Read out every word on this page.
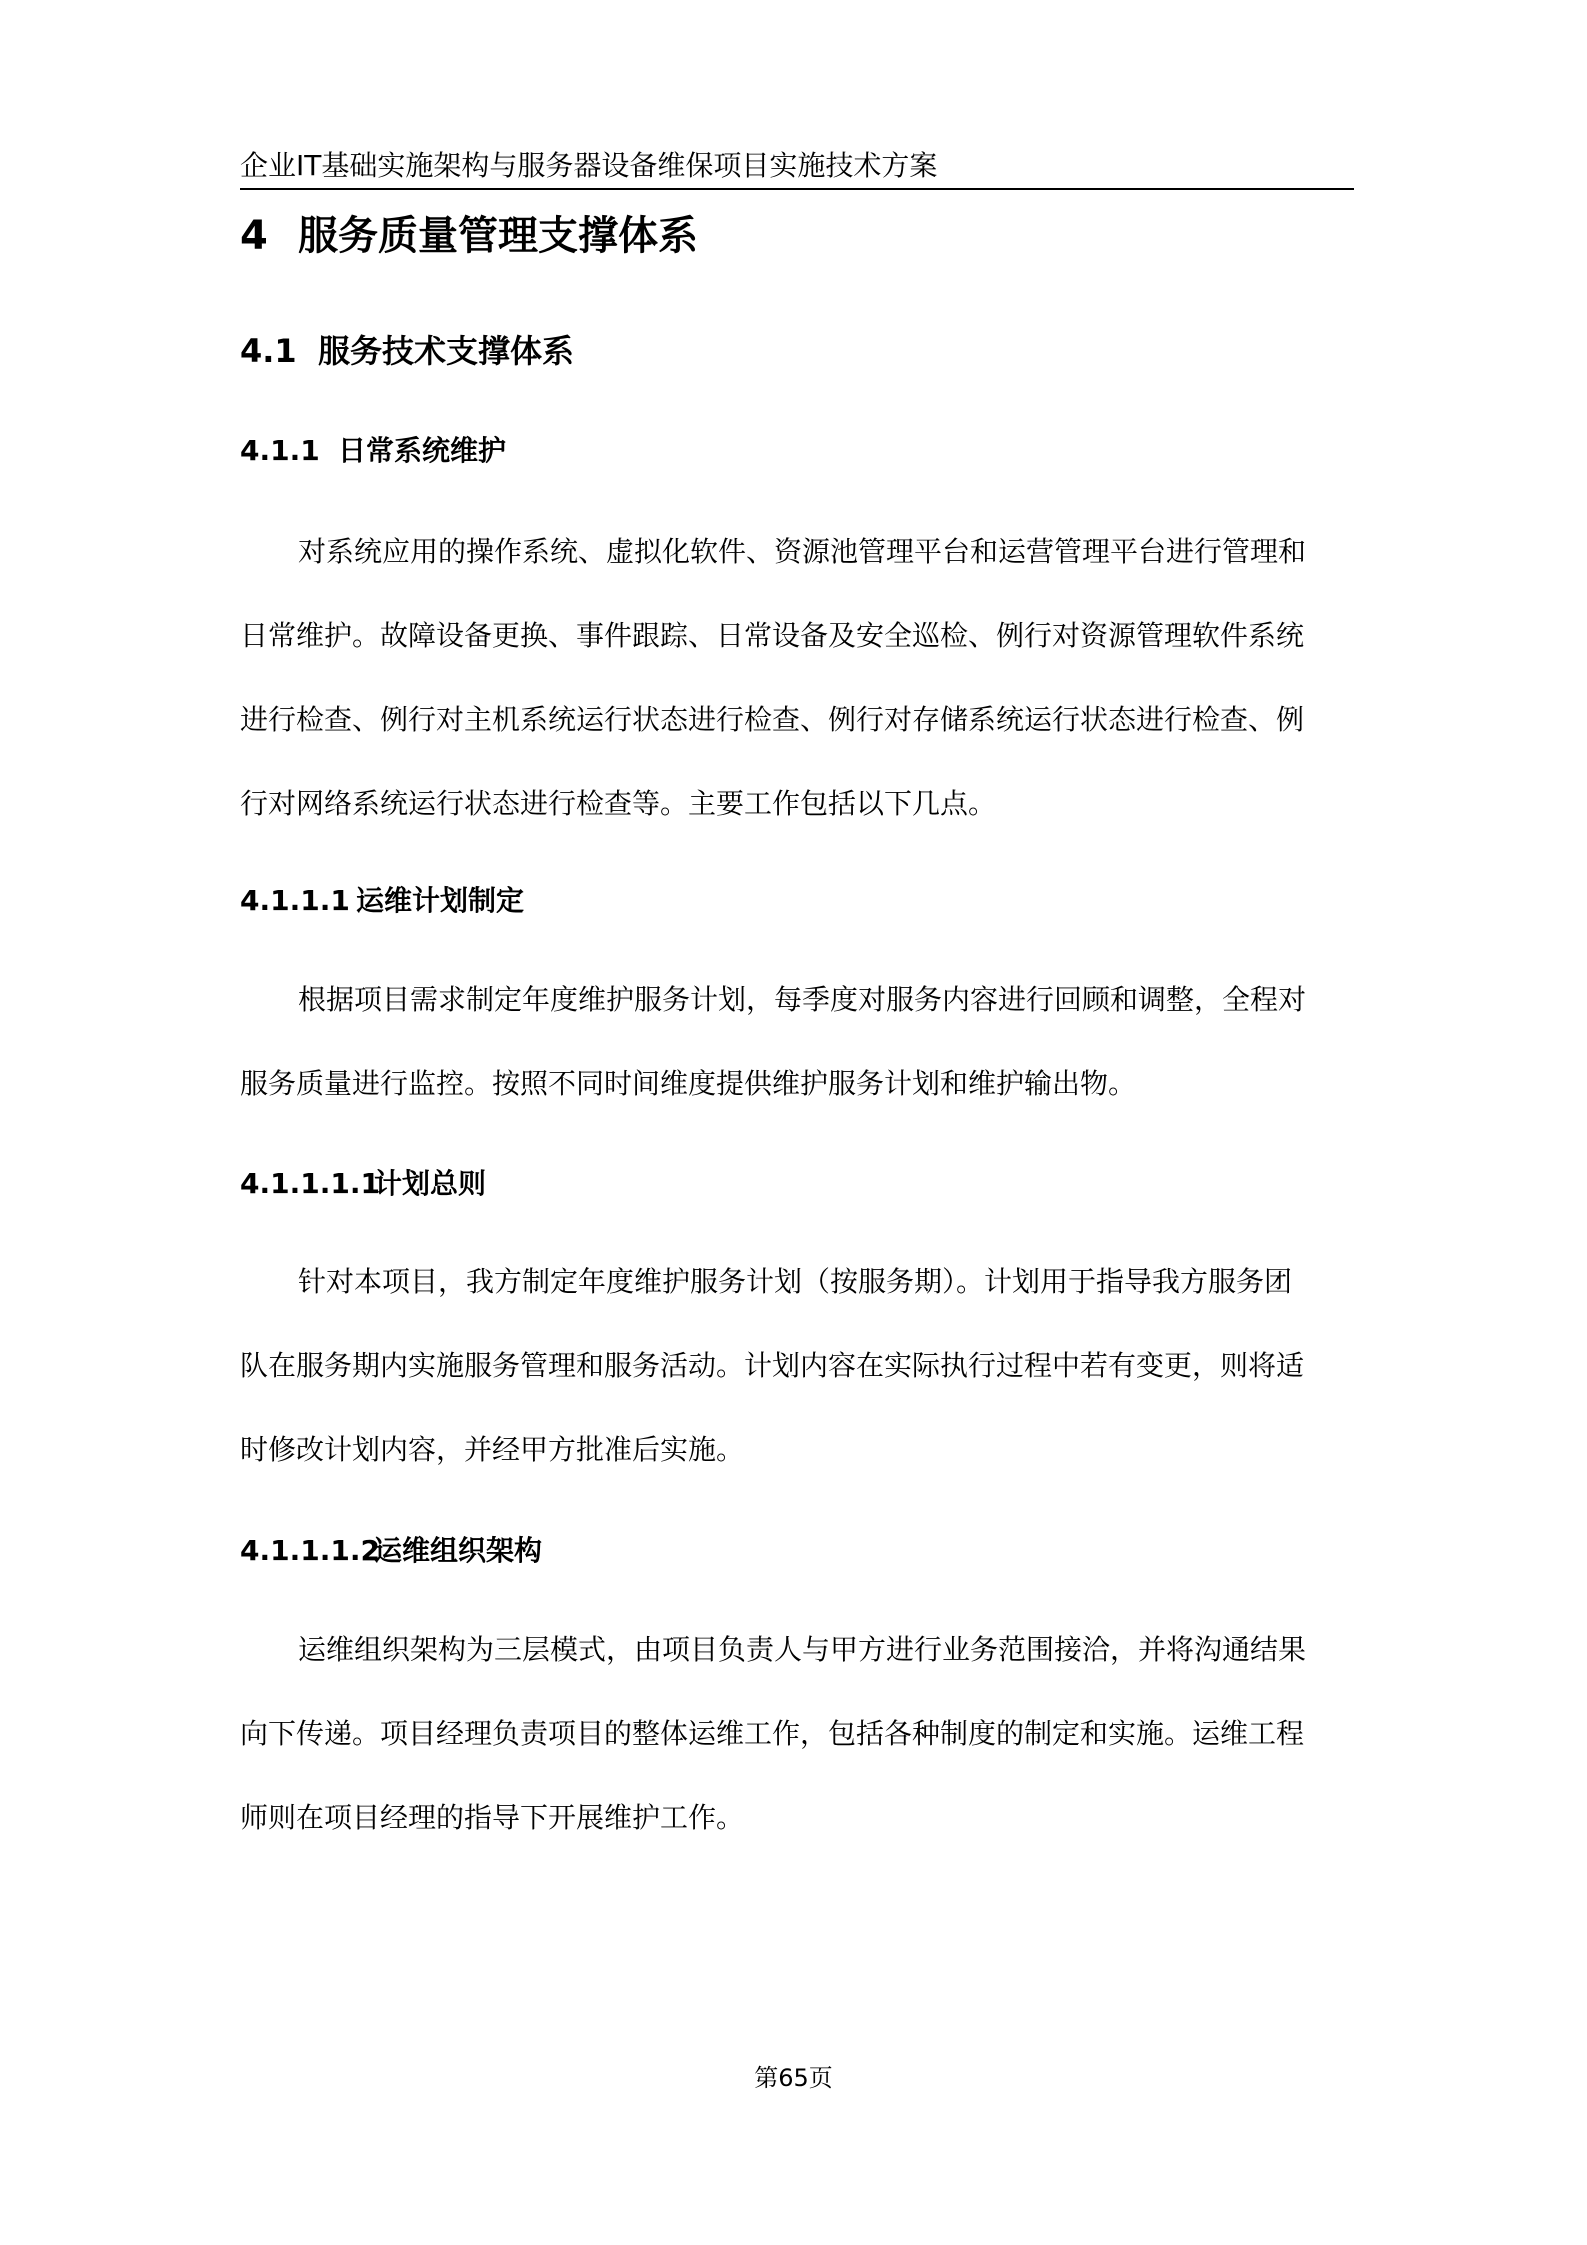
企业IT基础实施架构与服务器设备维保项目实施技术方案
4 服务质量管理支撑体系
4.1 服务技术支撑体系
4.1.1 日常系统维护
对系统应用的操作系统、虚拟化软件、资源池管理平台和运营管理平台进行管理和
日常维护。故障设备更换、事件跟踪、日常设备及安全巡检、例行对资源管理软件系统
进行检查、例行对主机系统运行状态进行检查、例行对存储系统运行状态进行检查、例
行对网络系统运行状态进行检查等。主要工作包括以下几点。
4.1.1.1 运维计划制定
根据项目需求制定年度维护服务计划，每季度对服务内容进行回顾和调整，全程对
服务质量进行监控。按照不同时间维度提供维护服务计划和维护输出物。
4.1.1.1.1计划总则
针对本项目，我方制定年度维护服务计划（按服务期）。计划用于指导我方服务团
队在服务期内实施服务管理和服务活动。计划内容在实际执行过程中若有变更，则将适
时修改计划内容，并经甲方批准后实施。
4.1.1.1.2运维组织架构
运维组织架构为三层模式，由项目负责人与甲方进行业务范围接洽，并将沟通结果
向下传递。项目经理负责项目的整体运维工作，包括各种制度的制定和实施。运维工程
师则在项目经理的指导下开展维护工作。
第65页
